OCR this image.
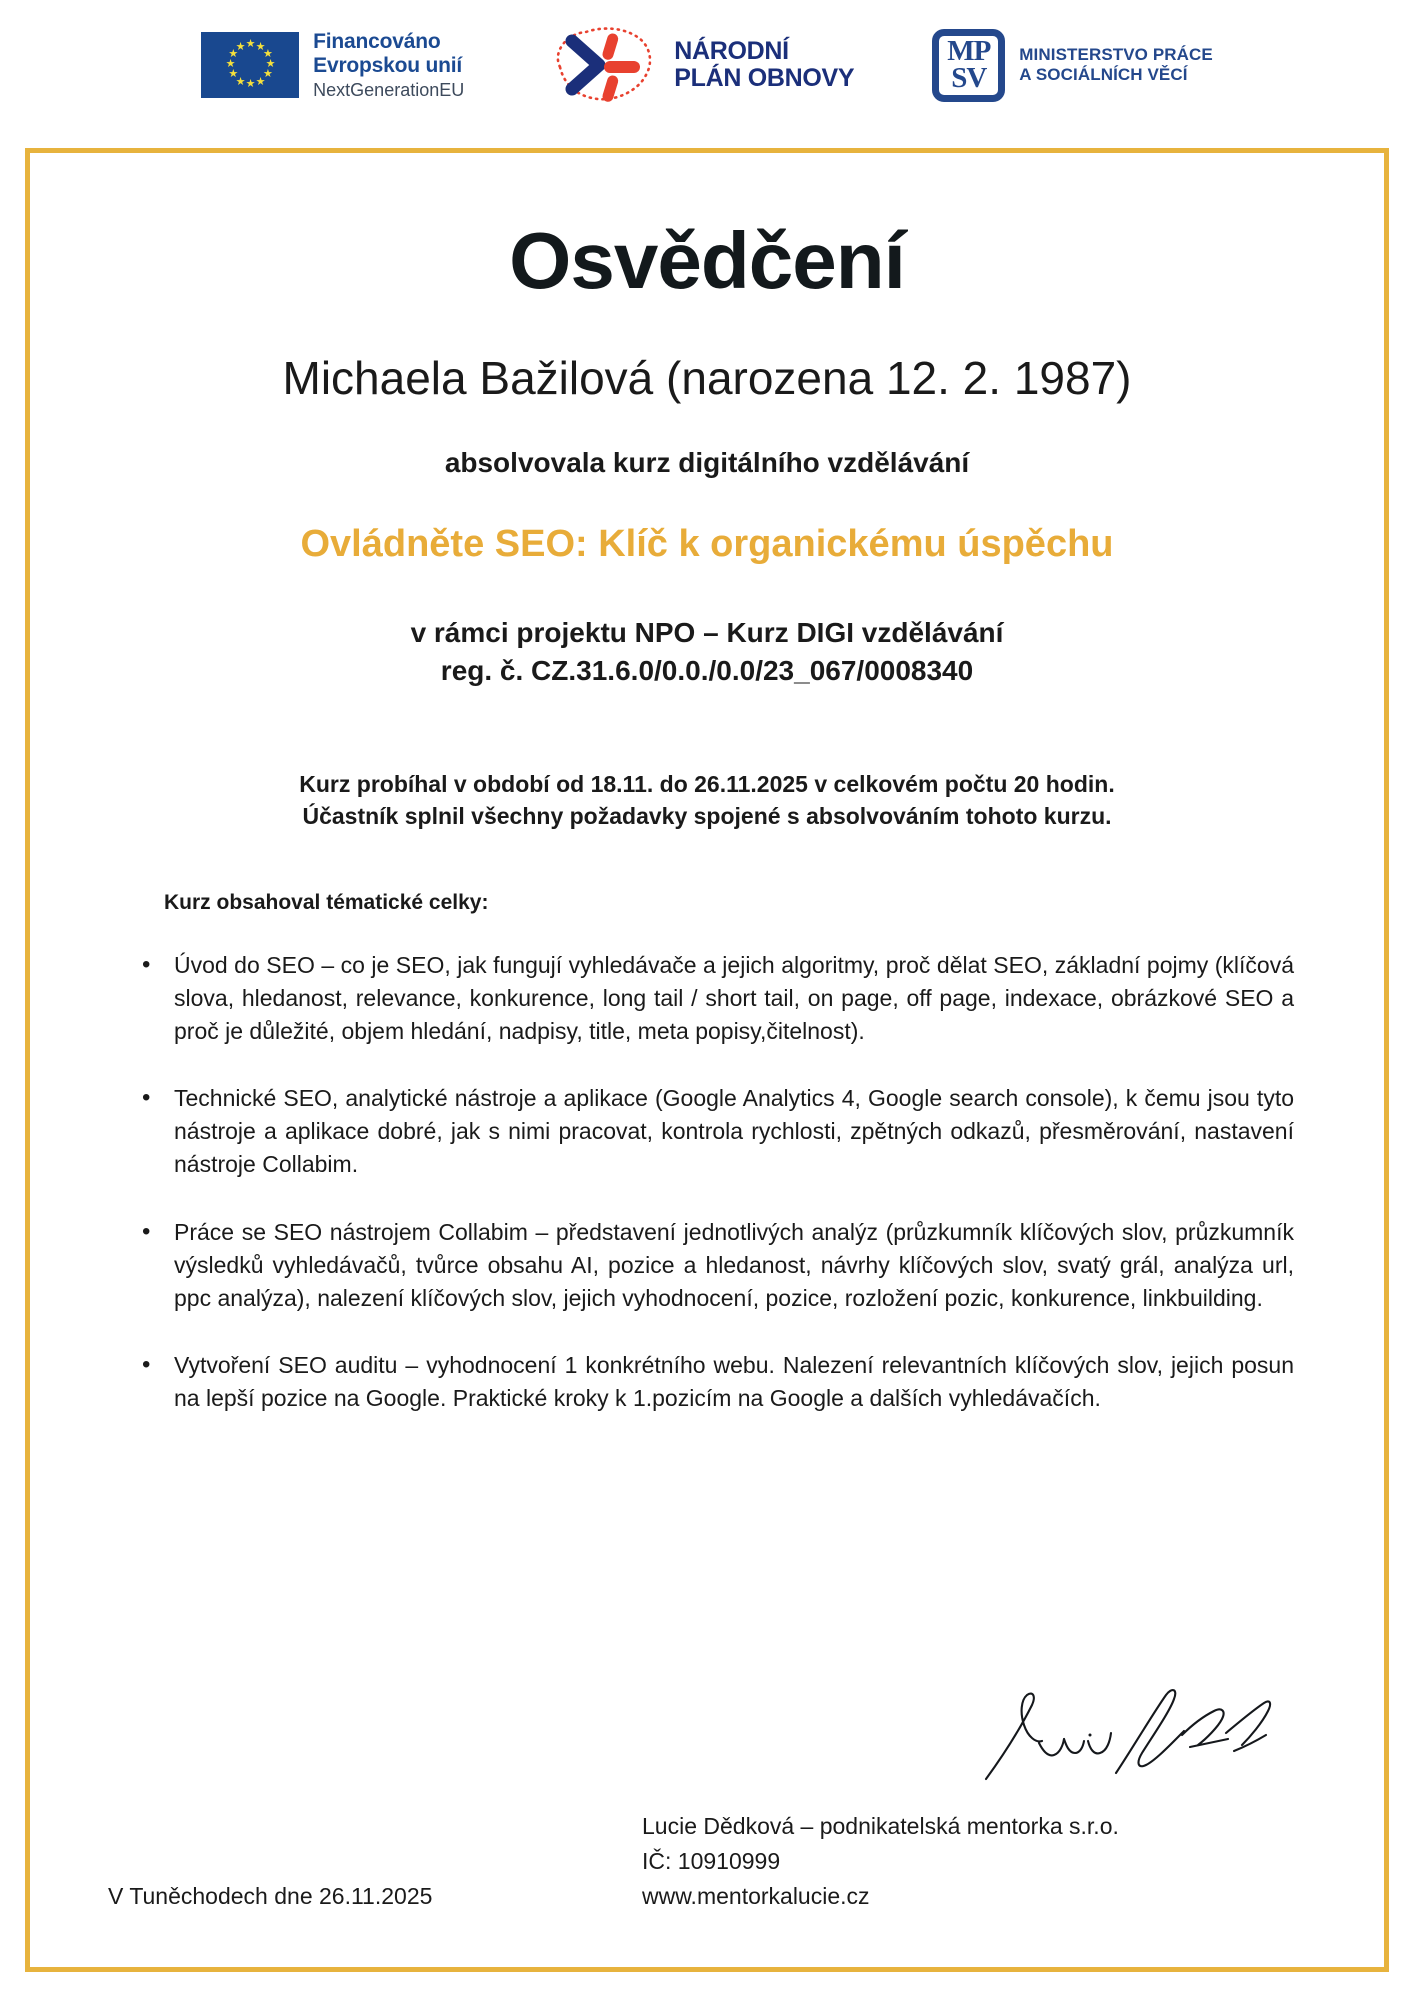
★ ★
★
★
★
★
★
★
★
★
★
★	Financováno
Evropskou unií
NextGenerationEU
NÁRODNÍ
PLÁN OBNOVY
MP
SV
MINISTERSTVO PRÁCE
A SOCIÁLNÍCH VĚCÍ
Osvědčení
Michaela Bažilová (narozena 12. 2. 1987)
absolvovala kurz digitálního vzdělávání
Ovládněte SEO: Klíč k organickému úspěchu
v rámci projektu NPO – Kurz DIGI vzdělávání
reg. č. CZ.31.6.0/0.0./0.0/23_067/0008340
Kurz probíhal v období od 18.11. do 26.11.2025 v celkovém počtu 20 hodin.
Účastník splnil všechny požadavky spojené s absolvováním tohoto kurzu.
Kurz obsahoval tématické celky:
• Úvod do SEO – co je SEO, jak fungují vyhledávače a jejich algoritmy, proč dělat SEO, základní pojmy (klíčová slova, hledanost, relevance, konkurence, long tail / short tail, on page, off page, indexace, obrázkové SEO a proč je důležité, objem hledání, nadpisy, title, meta popisy,čitelnost).
• Technické SEO, analytické nástroje a aplikace (Google Analytics 4, Google search console), k čemu jsou tyto nástroje a aplikace dobré, jak s nimi pracovat, kontrola rychlosti, zpětných odkazů, přesměrování, nastavení nástroje Collabim.
• Práce se SEO nástrojem Collabim – představení jednotlivých analýz (průzkumník klíčových slov, průzkumník výsledků vyhledávačů, tvůrce obsahu AI, pozice a hledanost, návrhy klíčových slov, svatý grál, analýza url, ppc analýza), nalezení klíčových slov, jejich vyhodnocení, pozice, rozložení pozic, konkurence, linkbuilding.
• Vytvoření SEO auditu – vyhodnocení 1 konkrétního webu. Nalezení relevantních klíčových slov, jejich posun na lepší pozice na Google. Praktické kroky k 1.pozicím na Google a dalších vyhledávačích.
Lucie Dědková – podnikatelská mentorka s.r.o.
IČ: 10910999
www.mentorkalucie.cz
V Tuněchodech dne 26.11.2025
